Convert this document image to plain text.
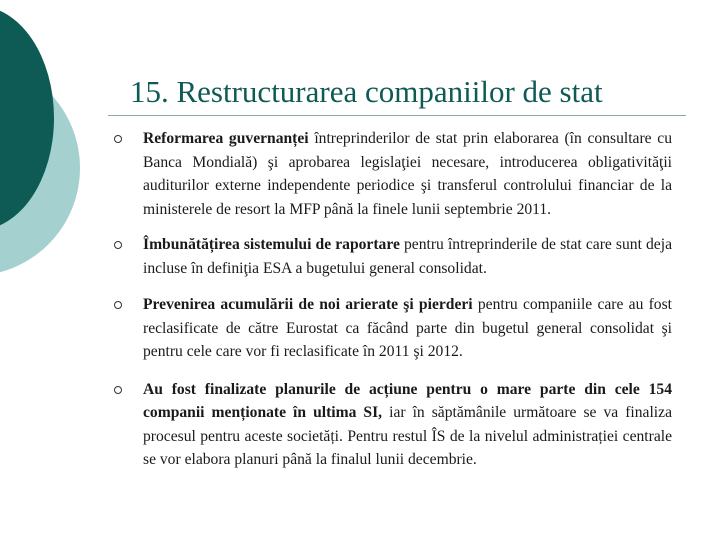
15. Restructurarea companiilor de stat
Reformarea guvernanței întreprinderilor de stat prin elaborarea (în consultare cu Banca Mondială) şi aprobarea legislaţiei necesare, introducerea obligativităţii auditurilor externe independente periodice şi transferul controlului financiar de la ministerele de resort la MFP până la finele lunii septembrie 2011.
Îmbunătățirea sistemului de raportare pentru întreprinderile de stat care sunt deja incluse în definiţia ESA a bugetului general consolidat.
Prevenirea acumulării de noi arierate şi pierderi pentru companiile care au fost reclasificate de către Eurostat ca făcând parte din bugetul general consolidat şi pentru cele care vor fi reclasificate în 2011 şi 2012.
Au fost finalizate planurile de acțiune pentru o mare parte din cele 154 companii menționate în ultima SI, iar în săptămânile următoare se va finaliza procesul pentru aceste societăți. Pentru restul ÎS de la nivelul administrației centrale se vor elabora planuri până la finalul lunii decembrie.
